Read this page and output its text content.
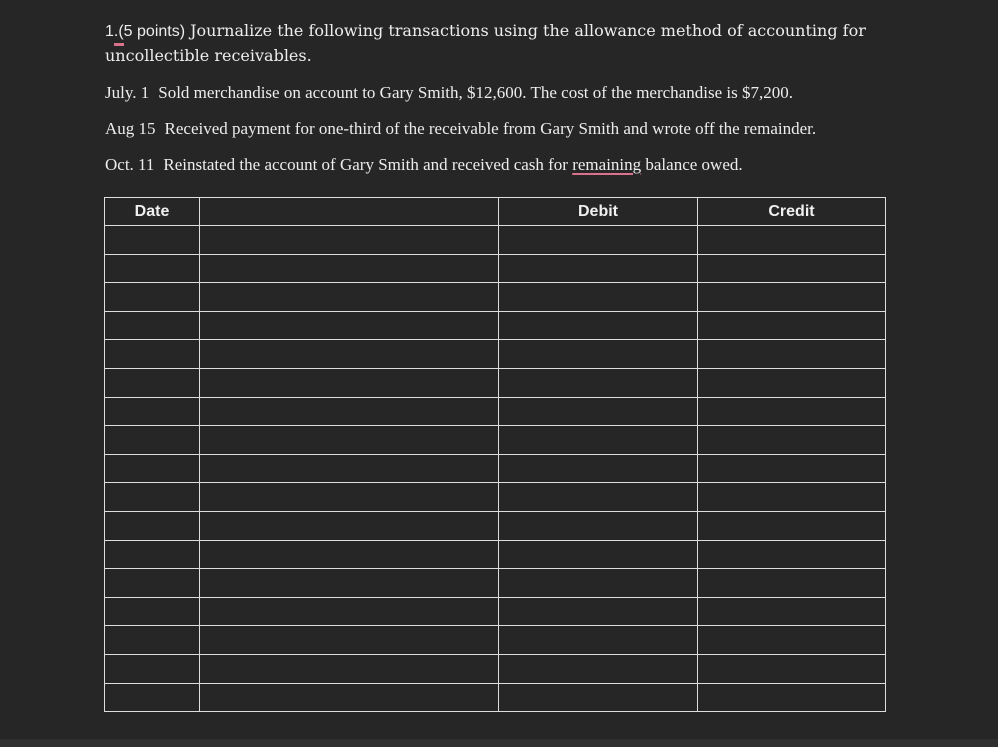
1.(5 points) Journalize the following transactions using the allowance method of accounting for
uncollectible receivables.
July. 1 Sold merchandise on account to Gary Smith, $12,600. The cost of the merchandise is $7,200.
Aug 15 Received payment for one-third of the receivable from Gary Smith and wrote off the remainder.
Oct. 11 Reinstated the account of Gary Smith and received cash for remaining balance owed.
Date		Debit	Credit
